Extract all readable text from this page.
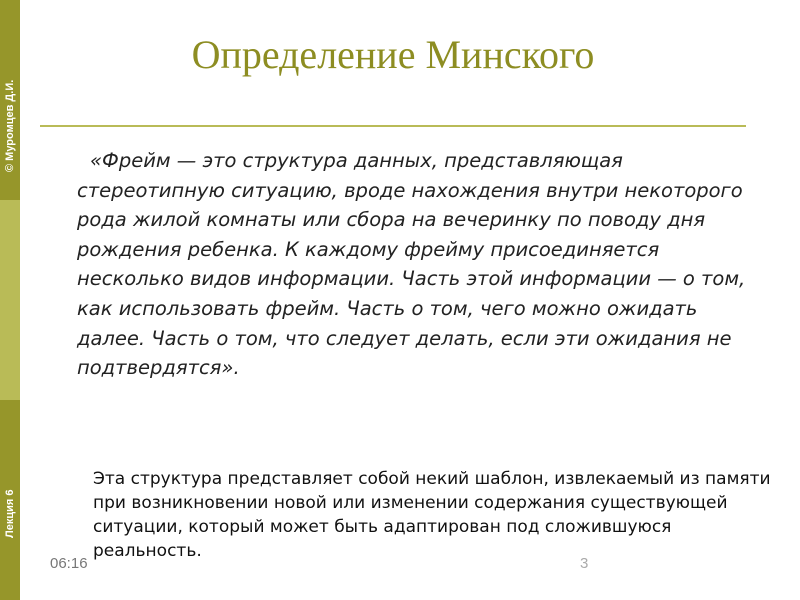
© Муромцев Д.И.
Лекция 6
Определение Минского

«Фрейм — это структура данных, представляющая стереотипную ситуацию, вроде нахождения внутри некоторого рода жилой комнаты или сбора на вечеринку по поводу дня рождения ребенка. К каждому фрейму присоединяется несколько видов информации. Часть этой информации — о том, как использовать фрейм. Часть о том, чего можно ожидать далее. Часть о том, что следует делать, если эти ожидания не подтвердятся».

Эта структура представляет собой некий шаблон, извлекаемый из памяти при возникновении новой или изменении содержания существующей ситуации, который может быть адаптирован под сложившуюся реальность.

06:16	3
